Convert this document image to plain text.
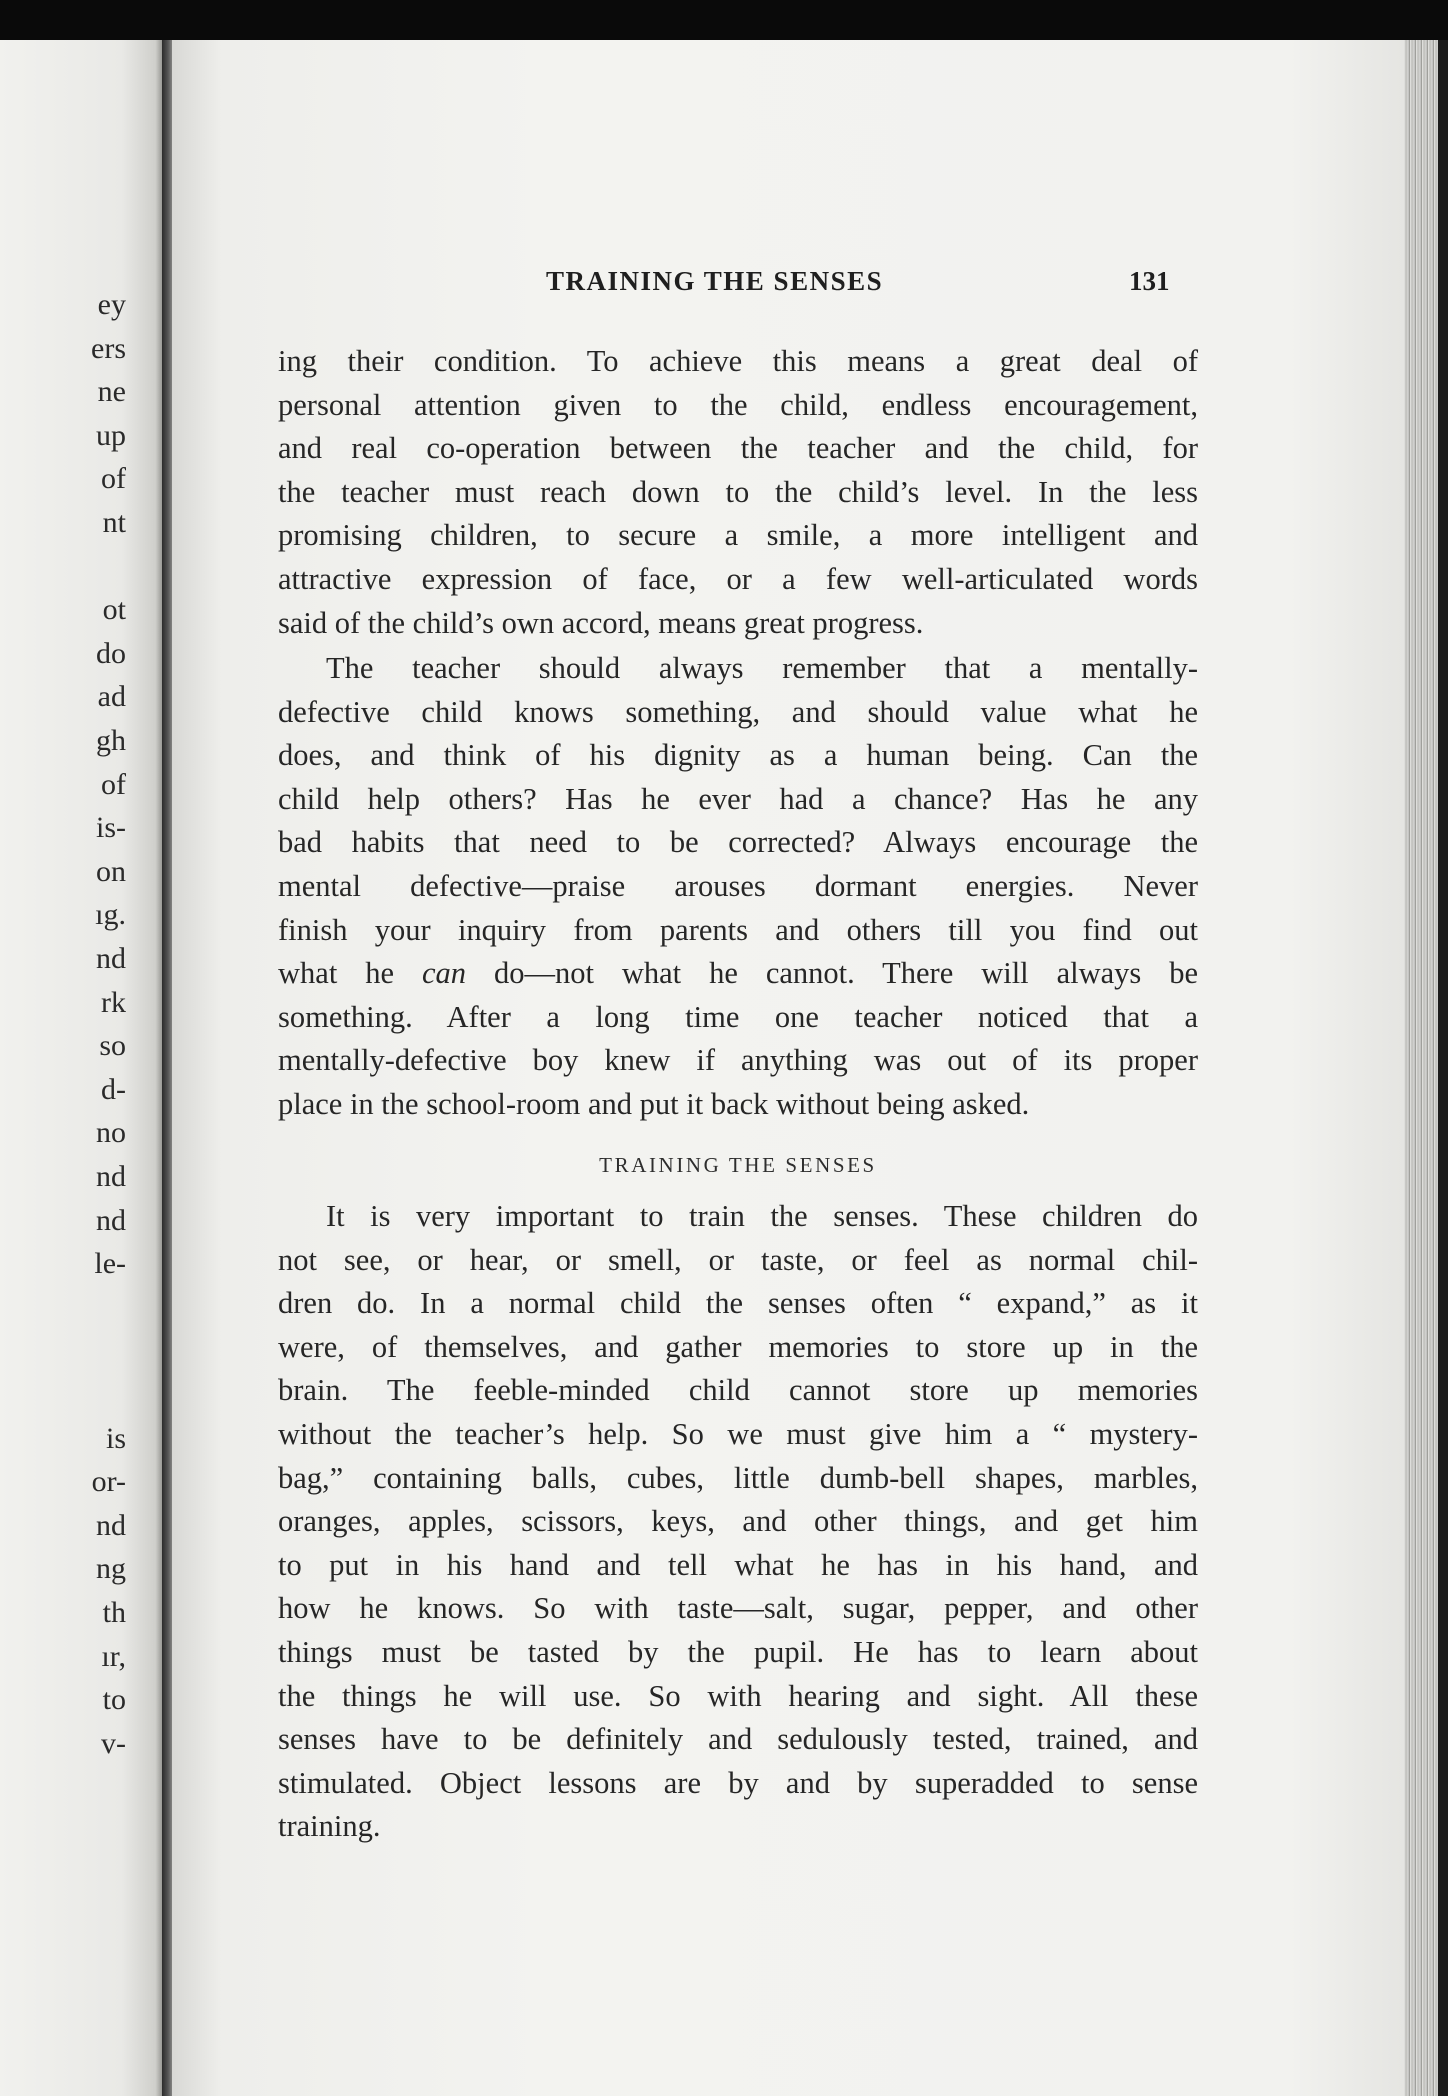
ey

ers

ne

up

of

nt

ot

do

ad

gh

of

is-

on

ıg.

nd

rk

so

d-

no

nd

nd

le-

is

or-

nd

ng

th

ır,

to

v-

TRAINING THE SENSES	131
ing their condition. To achieve this means a great deal of
personal attention given to the child, endless encouragement,
and real co-operation between the teacher and the child, for
the teacher must reach down to the child’s level. In the less
promising children, to secure a smile, a more intelligent and
attractive expression of face, or a few well-articulated words
said of the child’s own accord, means great progress.
The teacher should always remember that a mentally-
defective child knows something, and should value what he
does, and think of his dignity as a human being. Can the
child help others? Has he ever had a chance? Has he any
bad habits that need to be corrected? Always encourage the
mental defective—praise arouses dormant energies. Never
finish your inquiry from parents and others till you find out
what he can do—not what he cannot. There will always be
something. After a long time one teacher noticed that a
mentally-defective boy knew if anything was out of its proper
place in the school-room and put it back without being asked.
TRAINING THE SENSES
It is very important to train the senses. These children do
not see, or hear, or smell, or taste, or feel as normal chil-
dren do. In a normal child the senses often “ expand,” as it
were, of themselves, and gather memories to store up in the
brain. The feeble-minded child cannot store up memories
without the teacher’s help. So we must give him a “ mystery-
bag,” containing balls, cubes, little dumb-bell shapes, marbles,
oranges, apples, scissors, keys, and other things, and get him
to put in his hand and tell what he has in his hand, and
how he knows. So with taste—salt, sugar, pepper, and other
things must be tasted by the pupil. He has to learn about
the things he will use. So with hearing and sight. All these
senses have to be definitely and sedulously tested, trained, and
stimulated. Object lessons are by and by superadded to sense
training.
